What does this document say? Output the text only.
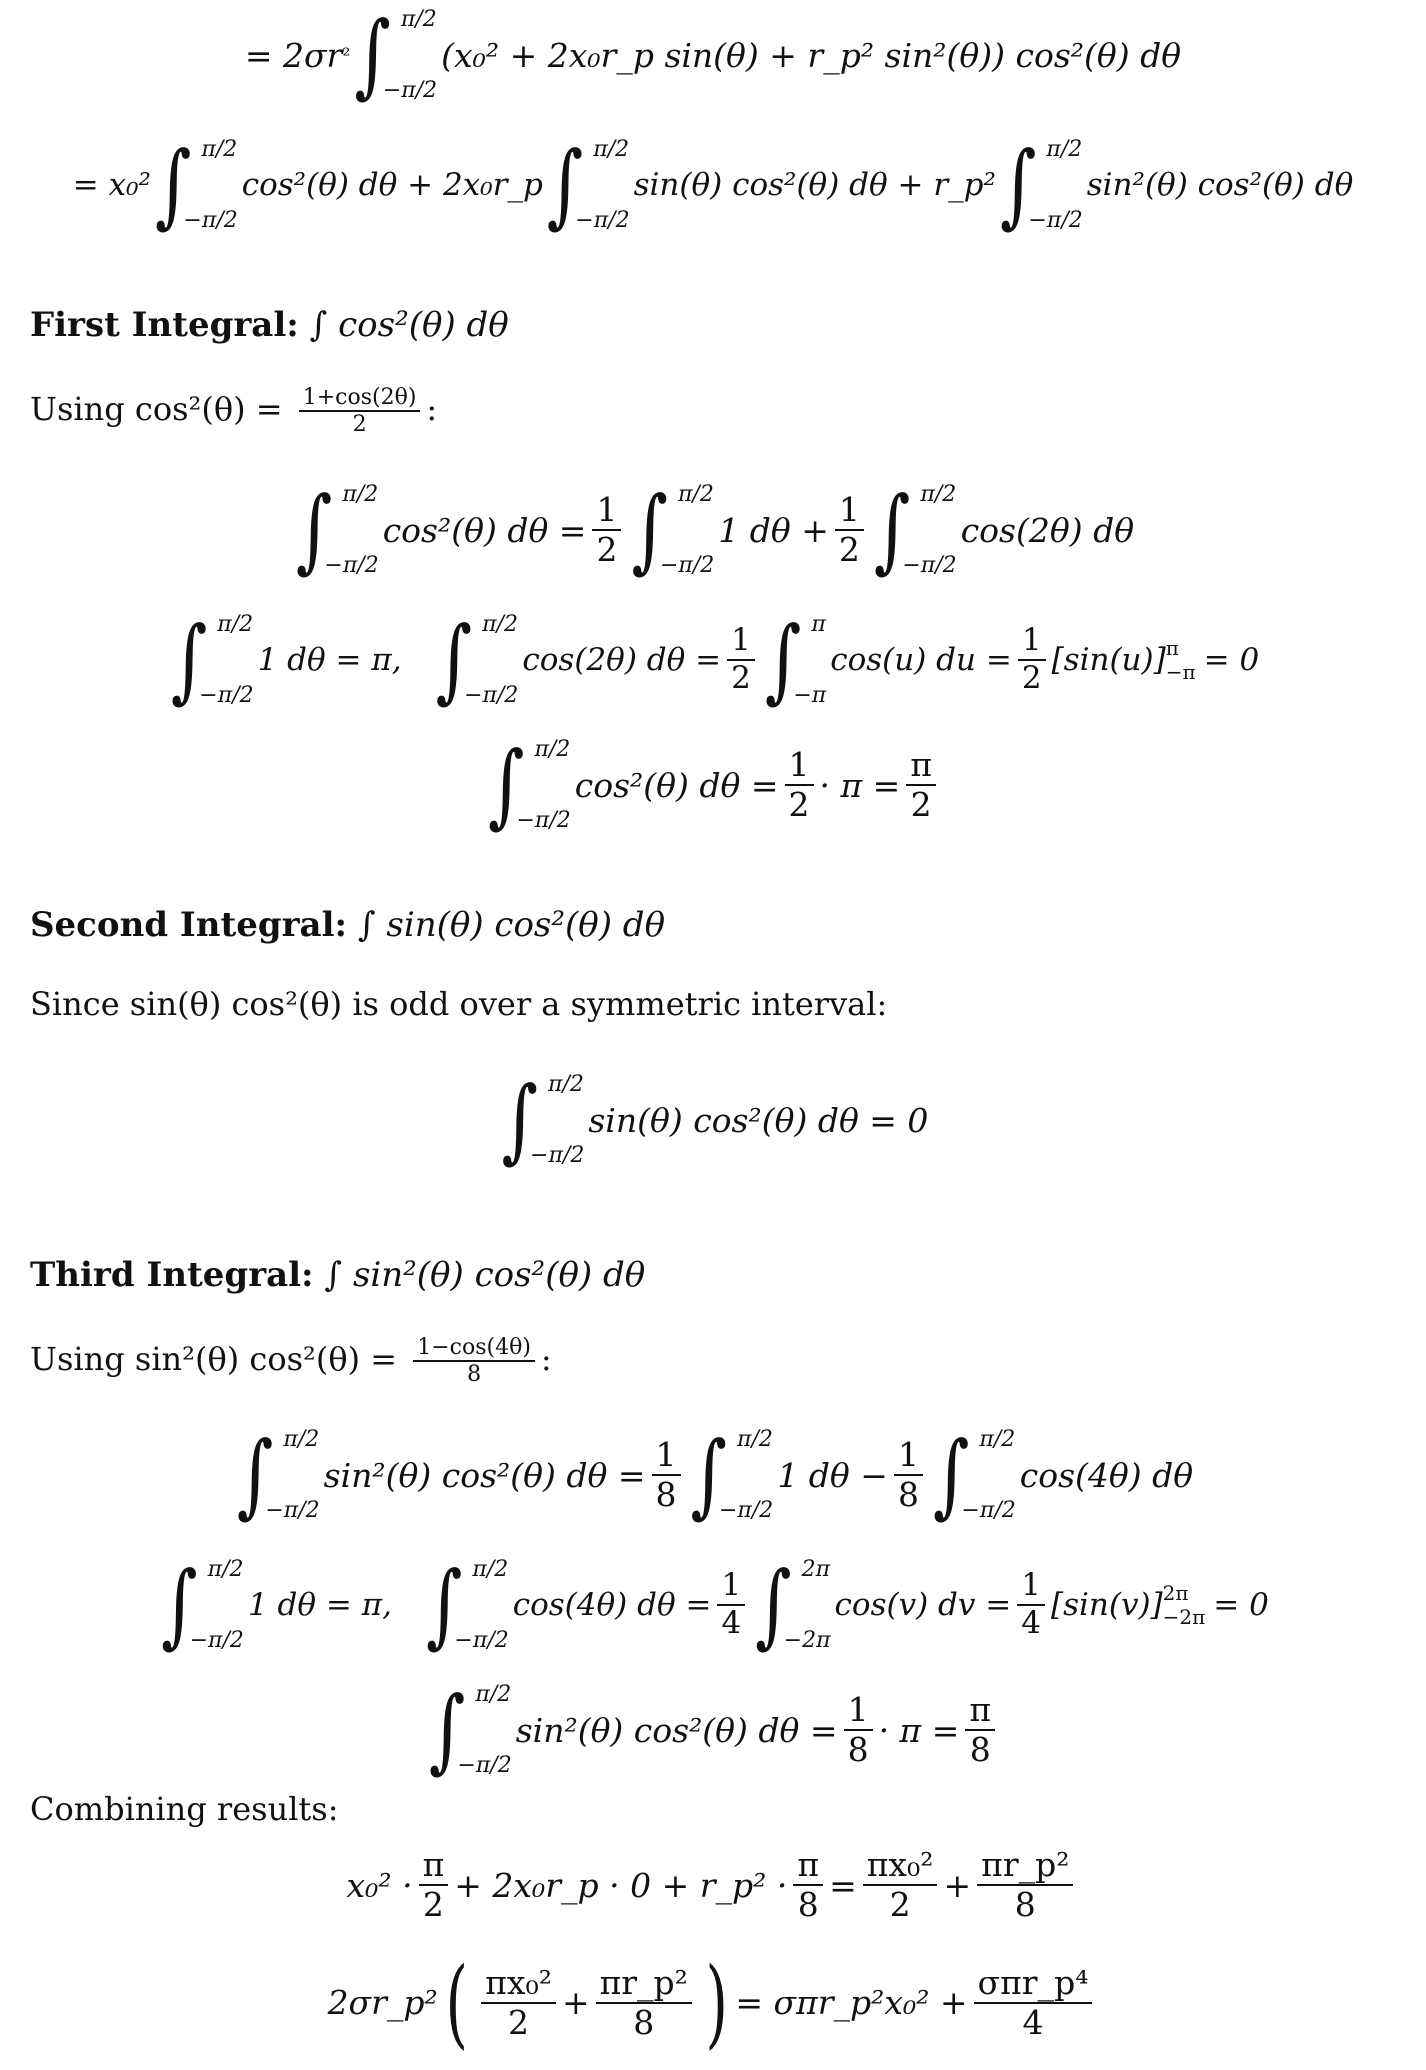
= 2σr ² ∫ π/2
−π/2
(x₀² + 2x₀r_p sin(θ) + r_p² sin²(θ)) cos²(θ) dθ
= x₀² ∫ π/2
−π/2
cos²(θ) dθ + 2x₀r_p ∫ π/2
−π/2
sin(θ) cos²(θ) dθ + r_p² ∫ π/2
−π/2
sin²(θ) cos²(θ) dθ
First Integral: ∫ cos²(θ) dθ
Using $\cos^2(\theta) = \frac{1+\cos(2\theta)}{2}$ :
∫ π/2
−π/2
cos²(θ) $d\theta = \frac{1}{2}$ ∫ π/2
−π/2
1 $d\theta + \frac{1}{2}$ ∫ π/2
−π/2
cos(2θ) dθ
∫ π/2
−π/2
1 dθ = π, ∫ π/2
−π/2
cos(2θ) $d\theta = \frac{1}{2}$ ∫ π
−π
cos(u) du = $\frac{1}{2} [\sin(u)]$ π
−π = 0
∫ π/2
−π/2
cos²(θ) $d\theta = \frac{1}{2} \cdot \pi = \frac{\pi}{2}$
Second Integral: ∫ sin(θ) cos²(θ) dθ
Since sin(θ) cos²(θ) is odd over a symmetric interval:
∫ π/2
−π/2
sin(θ) cos²(θ) dθ = 0
Third Integral: ∫ sin²(θ) cos²(θ) dθ
Using sin²(θ) $\cos^2(\theta) = \frac{1-\cos(4\theta)}{8}$ :
∫ π/2
−π/2
sin²(θ) cos²(θ) $d\theta = \frac{1}{8}$ ∫ π/2
−π/2
1 $d\theta - \frac{1}{8}$ ∫ π/2
−π/2
cos(4θ) dθ
∫ π/2
−π/2
1 dθ = π, ∫ π/2
−π/2
cos(4θ) $d\theta = \frac{1}{4}$ ∫ 2π
−2π
cos(v) dv = $\frac{1}{4} [\sin(v)]$ 2π
−2π = 0
∫ π/2
−π/2
sin²(θ) cos²(θ) $d\theta = \frac{1}{8} \cdot \pi = \frac{\pi}{8}$
Combining results:
$x_0^2 \cdot \frac{\pi}{2}$ + 2x₀r_p · 0 + r_p² · $\frac{\pi}{8} = \frac{\text{πx₀²}}{2} + \frac{\text{πr\_p²}}{8}$
2σr_p² ( $\frac{\text{πx₀²}}{2} + \frac{\text{πr\_p²}}{8}$ ) = σπr_p²x₀² + $\frac{\text{σπr\_p⁴}}{4}$
